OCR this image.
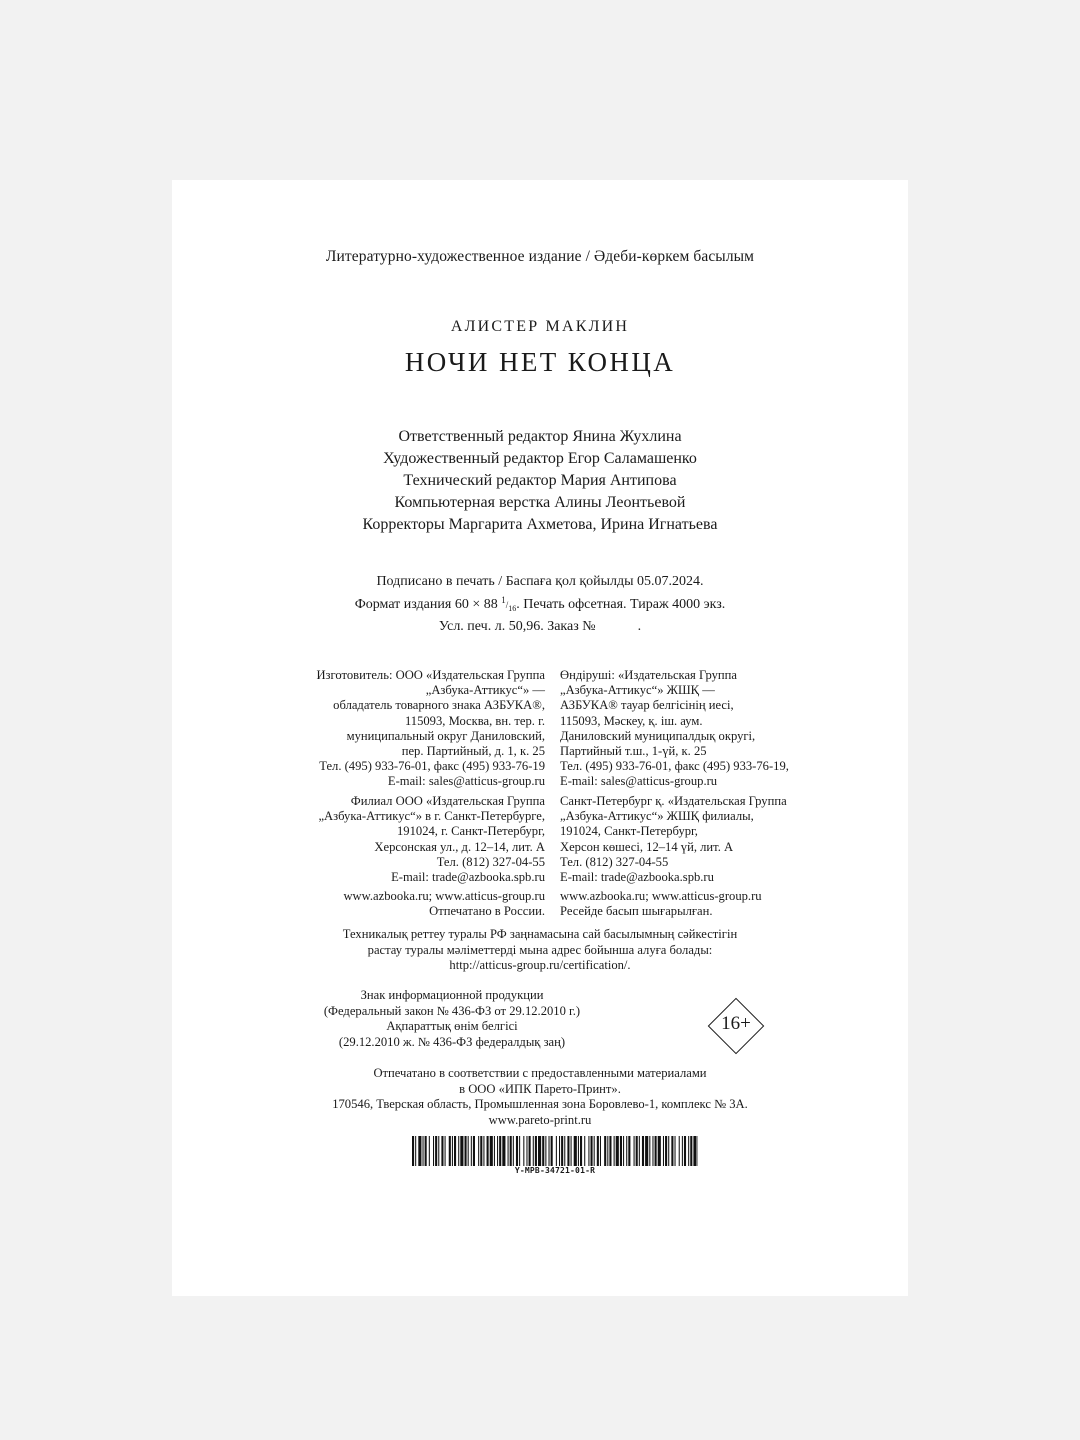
Литературно-художественное издание / Әдеби-көркем басылым
АЛИСТЕР МАКЛИН
НОЧИ НЕТ КОНЦА
Ответственный редактор Янина Жухлина
Художественный редактор Егор Саламашенко
Технический редактор Мария Антипова
Компьютерная верстка Алины Леонтьевой
Корректоры Маргарита Ахметова, Ирина Игнатьева
Подписано в печать / Баспаға қол қойылды 05.07.2024.
Формат издания 60 × 88 $^1/_{16}$. Печать офсетная. Тираж 4000 экз.
Усл. печ. л. 50,96. Заказ №	.
Изготовитель: ООО «Издательская Группа
„Азбука-Аттикус“» —
обладатель товарного знака АЗБУКА®,
115093, Москва, вн. тер. г.
муниципальный округ Даниловский,
пер. Партийный, д. 1, к. 25
Тел. (495) 933-76-01, факс (495) 933-76-19
E-mail: sales@atticus-group.ru
Өндіруші: «Издательская Группа
„Азбука-Аттикус“» ЖШҚ —
АЗБУКА® тауар белгісінің иесі,
115093, Мәскеу, қ. іш. аум.
Даниловский муниципалдық округі,
Партийный т.ш., 1-үй, к. 25
Тел. (495) 933-76-01, факс (495) 933-76-19,
E-mail: sales@atticus-group.ru
Филиал ООО «Издательская Группа
„Азбука-Аттикус“» в г. Санкт-Петербурге,
191024, г. Санкт-Петербург,
Херсонская ул., д. 12–14, лит. А
Тел. (812) 327-04-55
E-mail: trade@azbooka.spb.ru
Санкт-Петербург қ. «Издательская Группа
„Азбука-Аттикус“» ЖШҚ филиалы,
191024, Санкт-Петербург,
Херсон көшесі, 12–14 үй, лит. А
Тел. (812) 327-04-55
E-mail: trade@azbooka.spb.ru
www.azbooka.ru; www.atticus-group.ru
Отпечатано в России.
www.azbooka.ru; www.atticus-group.ru
Ресейде басып шығарылған.
Техникалық реттеу туралы РФ заңнамасына сай басылымның сәйкестігін
растау туралы мәліметтерді мына адрес бойынша алуға болады:
http://atticus-group.ru/certification/.
Знак информационной продукции
(Федеральный закон № 436-ФЗ от 29.12.2010 г.)
Ақпараттық өнім белгісі
(29.12.2010 ж. № 436-ФЗ федералдық заң)
16+
Отпечатано в соответствии с предоставленными материалами
в ООО «ИПК Парето-Принт».
170546, Тверская область, Промышленная зона Боровлево-1, комплекс № 3А.
www.pareto-print.ru
Y-MPB-34721-01-R
